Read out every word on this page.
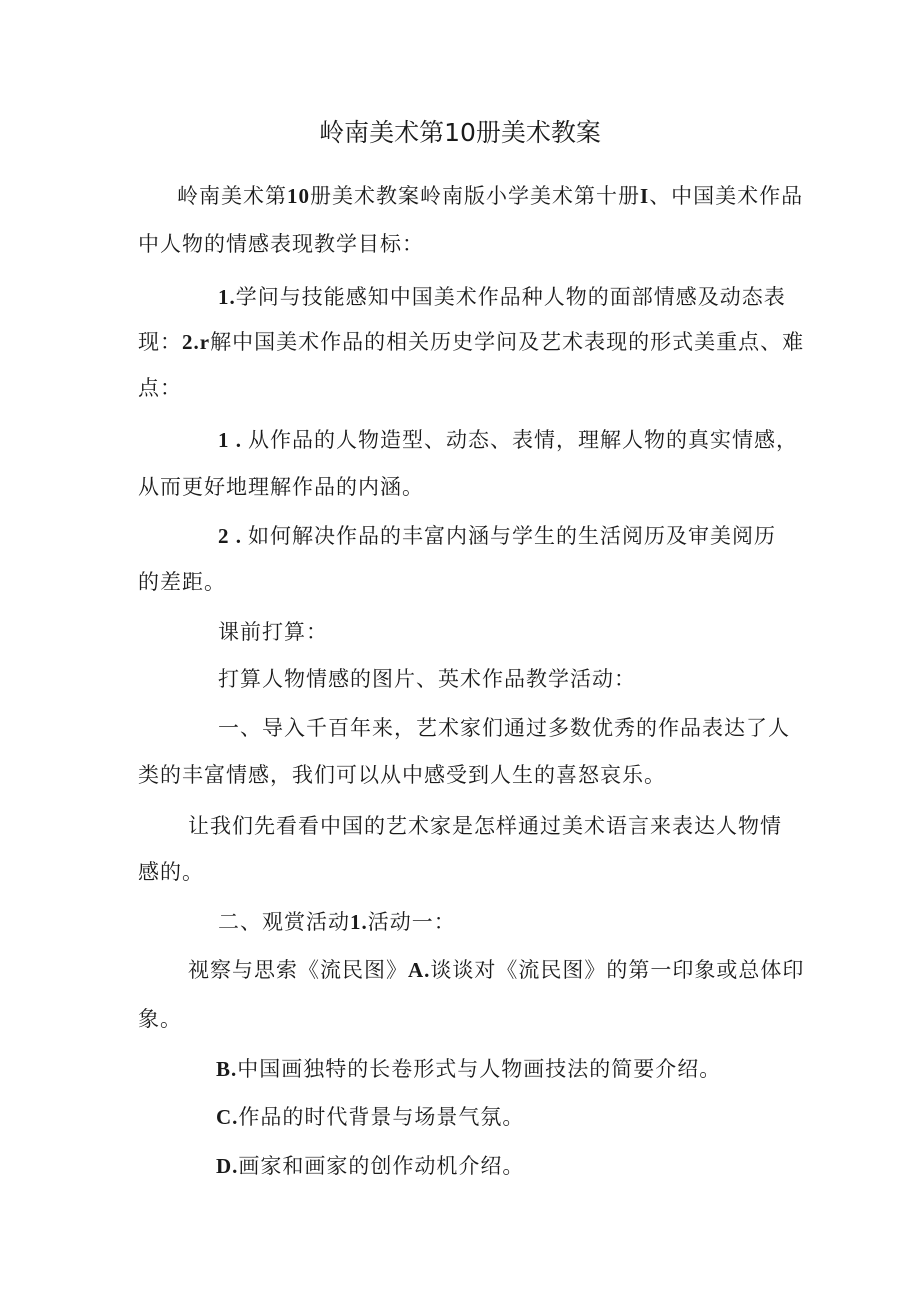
岭南美术第10册美术教案
岭南美术第10册美术教案岭南版小学美术第十册I、中国美术作品
中人物的情感表现教学目标：
1.学问与技能感知中国美术作品种人物的面部情感及动态表
现：2.r解中国美术作品的相关历史学问及艺术表现的形式美重点、难
点：
1 . 从作品的人物造型、动态、表情，理解人物的真实情感，
从而更好地理解作品的内涵。
2 . 如何解决作品的丰富内涵与学生的生活阅历及审美阅历
的差距。
课前打算：
打算人物情感的图片、英术作品教学活动：
一、导入千百年来，艺术家们通过多数优秀的作品表达了人
类的丰富情感，我们可以从中感受到人生的喜怒哀乐。
让我们先看看中国的艺术家是怎样通过美术语言来表达人物情
感的。
二、观赏活动1.活动一：
视察与思索《流民图》A.谈谈对《流民图》的第一印象或总体印
象。
B.中国画独特的长卷形式与人物画技法的简要介绍。
C.作品的时代背景与场景气氛。
D.画家和画家的创作动机介绍。
